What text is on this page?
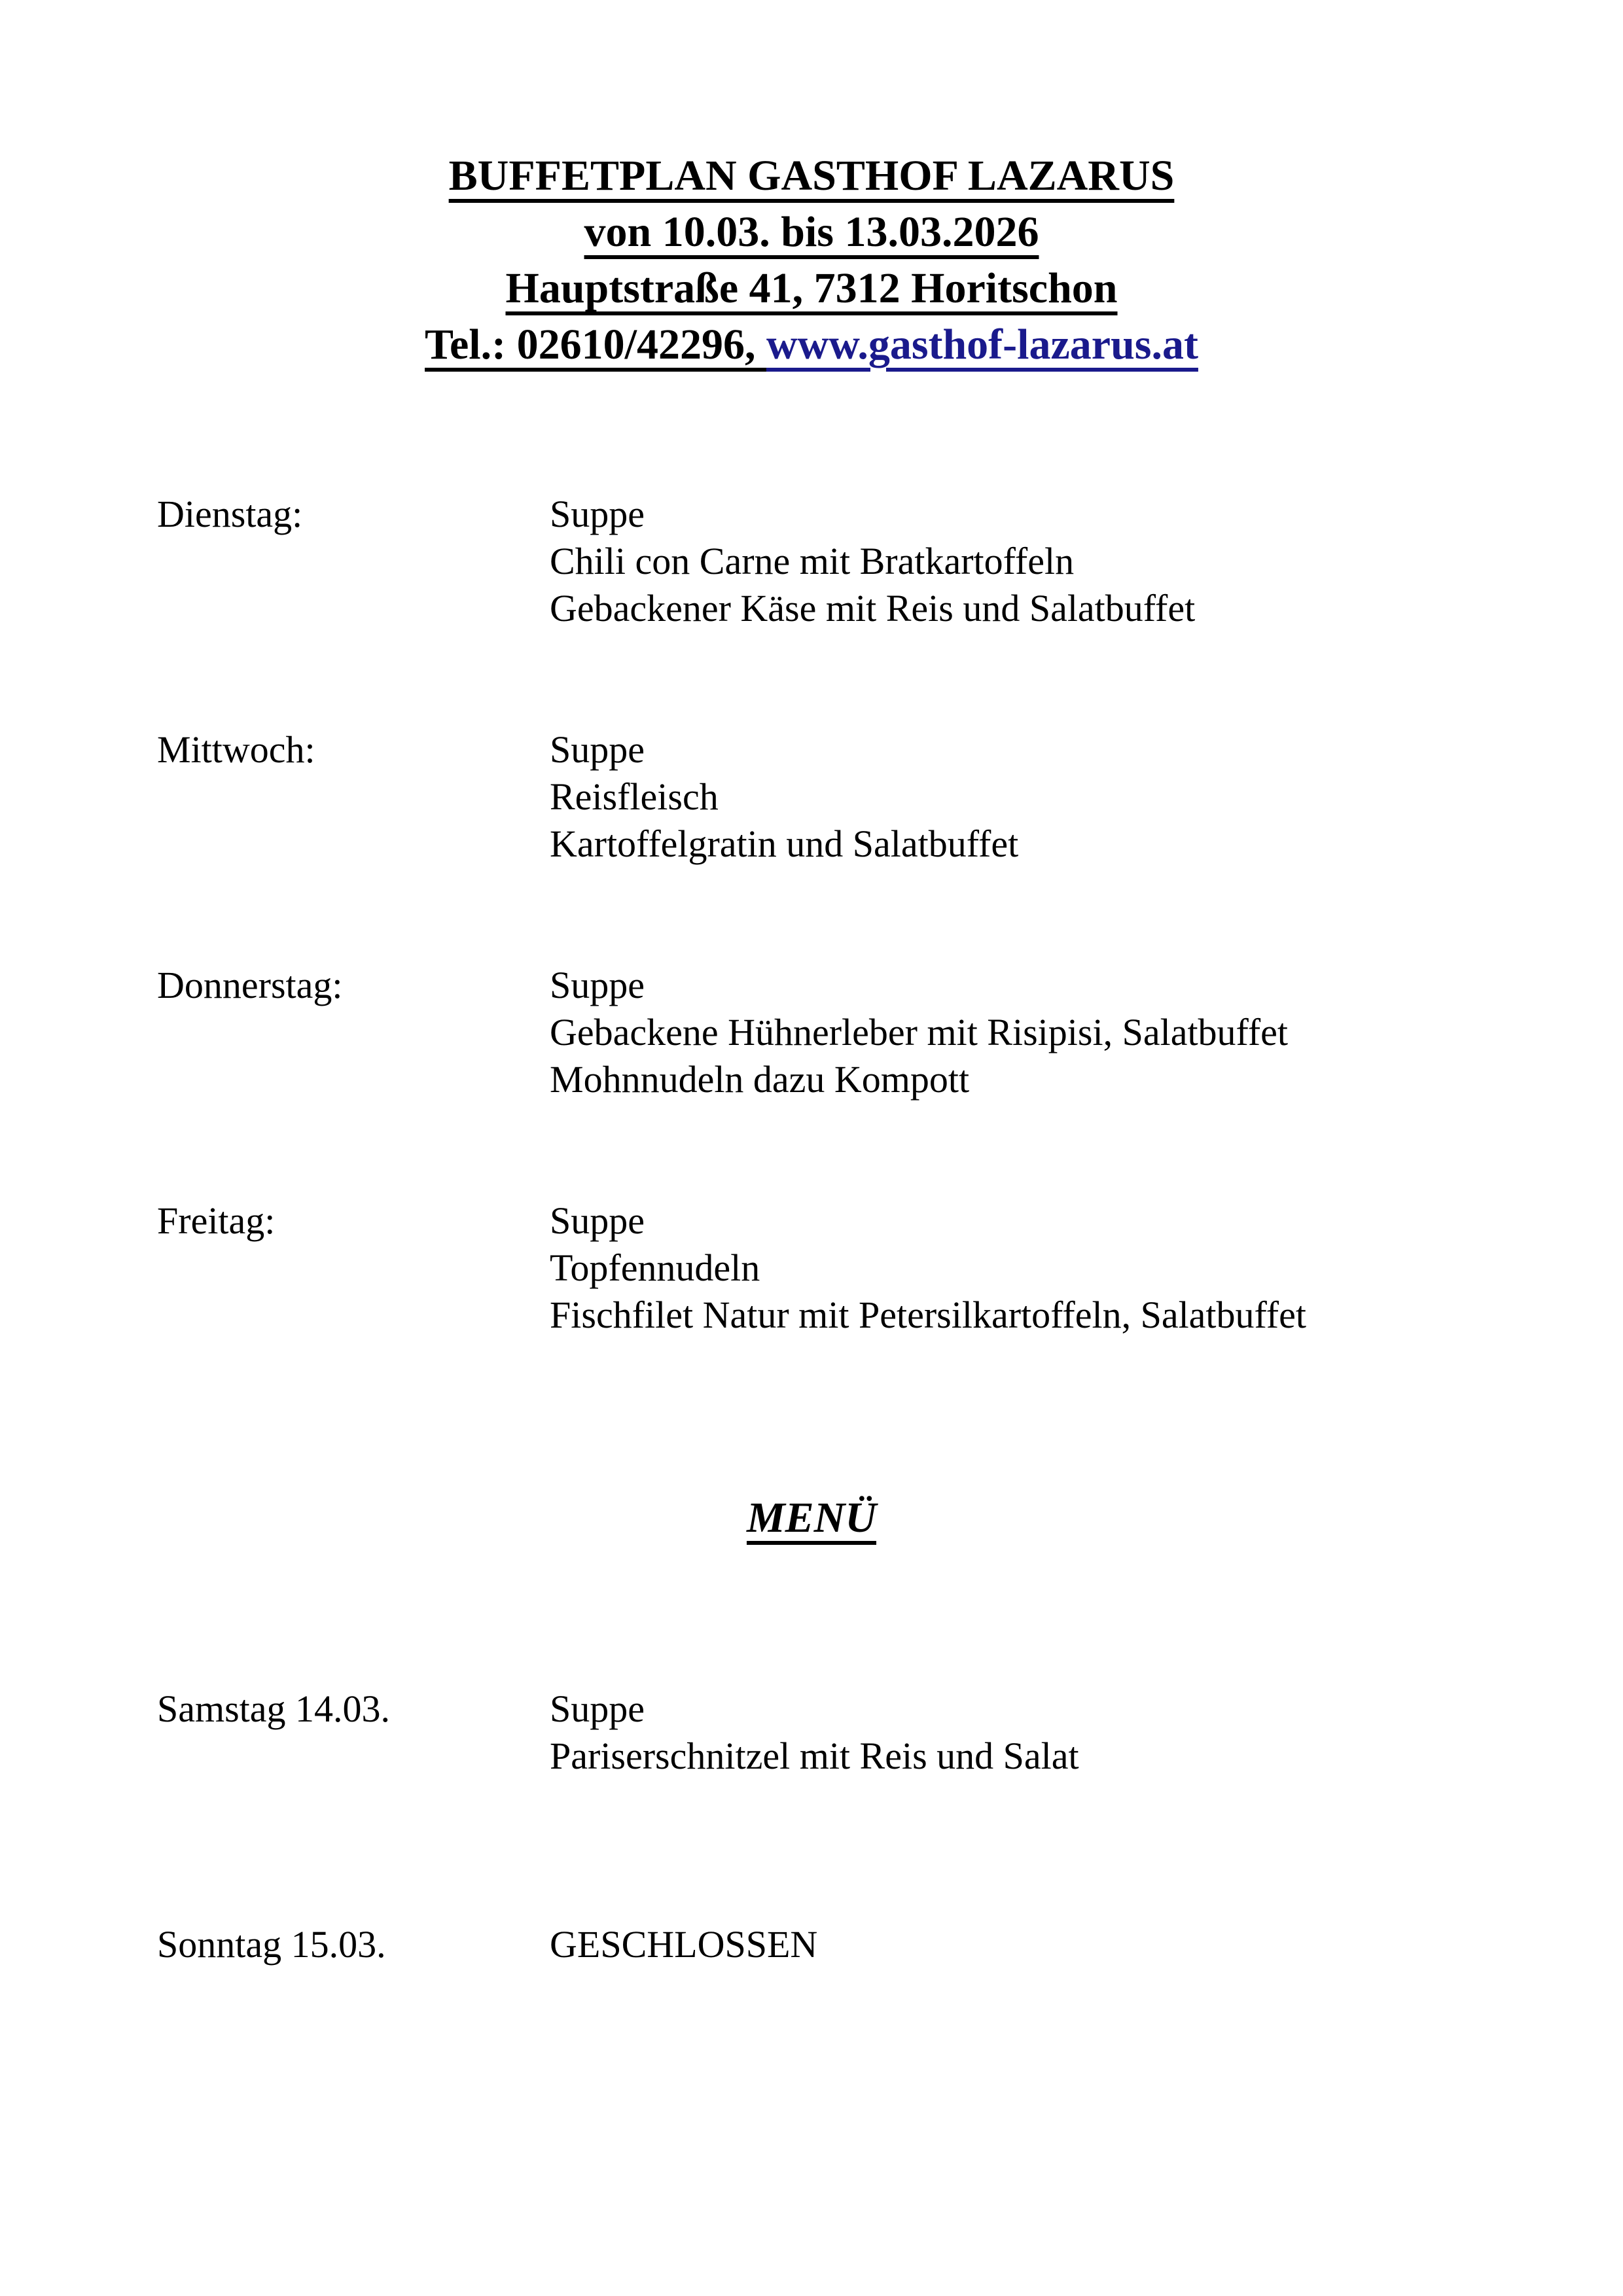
BUFFETPLAN GASTHOF LAZARUS
von 10.03. bis 13.03.2026
Hauptstraße 41, 7312 Horitschon
Tel.: 02610/42296, www.gasthof-lazarus.at
Dienstag:	Suppe
Chili con Carne mit Bratkartoffeln
Gebackener Käse mit Reis und Salatbuffet
Mittwoch:	Suppe
Reisfleisch
Kartoffelgratin und Salatbuffet
Donnerstag:	Suppe
Gebackene Hühnerleber mit Risipisi, Salatbuffet
Mohnnudeln dazu Kompott
Freitag:	Suppe
Topfennudeln
Fischfilet Natur mit Petersilkartoffeln, Salatbuffet
MENÜ
Samstag 14.03.	Suppe
Pariserschnitzel mit Reis und Salat
Sonntag 15.03.	GESCHLOSSEN
